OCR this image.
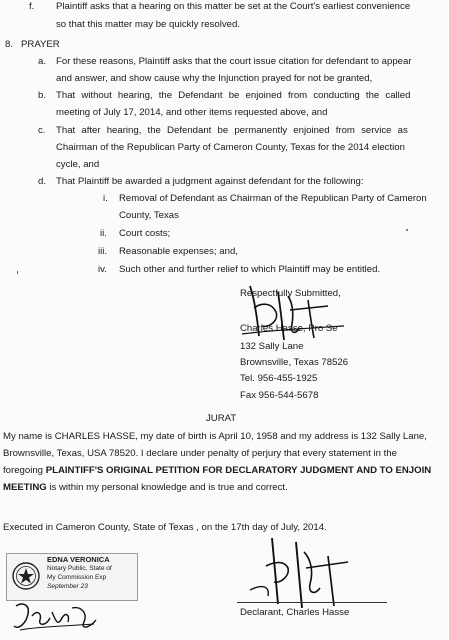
f. Plaintiff asks that a hearing on this matter be set at the Court's earliest convenience
so that this matter may be quickly resolved.
8. PRAYER
a. For these reasons, Plaintiff asks that the court issue citation for defendant to appear
and answer, and show cause why the Injunction prayed for not be granted,
b. That without hearing, the Defendant be enjoined from conducting the called
meeting of July 17, 2014, and other items requested above, and
c. That after hearing, the Defendant be permanently enjoined from service as
Chairman of the Republican Party of Cameron County, Texas for the 2014 election
cycle, and
d. That Plaintiff be awarded a judgment against defendant for the following:
i. Removal of Defendant as Chairman of the Republican Party of Cameron
County, Texas
ii. Court costs;
iii. Reasonable expenses; and,
iv. Such other and further relief to which Plaintiff may be entitled.
Respectfully Submitted,
Charles Hasse, Pro Se
132 Sally Lane
Brownsville, Texas 78526
Tel. 956-455-1925
Fax 956-544-5678
JURAT
My name is CHARLES HASSE, my date of birth is April 10, 1958 and my address is 132 Sally Lane,
Brownsville, Texas, USA 78520. I declare under penalty of perjury that every statement in the
foregoing PLAINTIFF'S ORIGINAL PETITION FOR DECLARATORY JUDGMENT AND TO ENJOIN
MEETING is within my personal knowledge and is true and correct.
Executed in Cameron County, State of Texas , on the 17th day of July, 2014.
EDNA VERONICA
Notary Public, State of
My Commission Exp
September 23
Declarant, Charles Hasse
